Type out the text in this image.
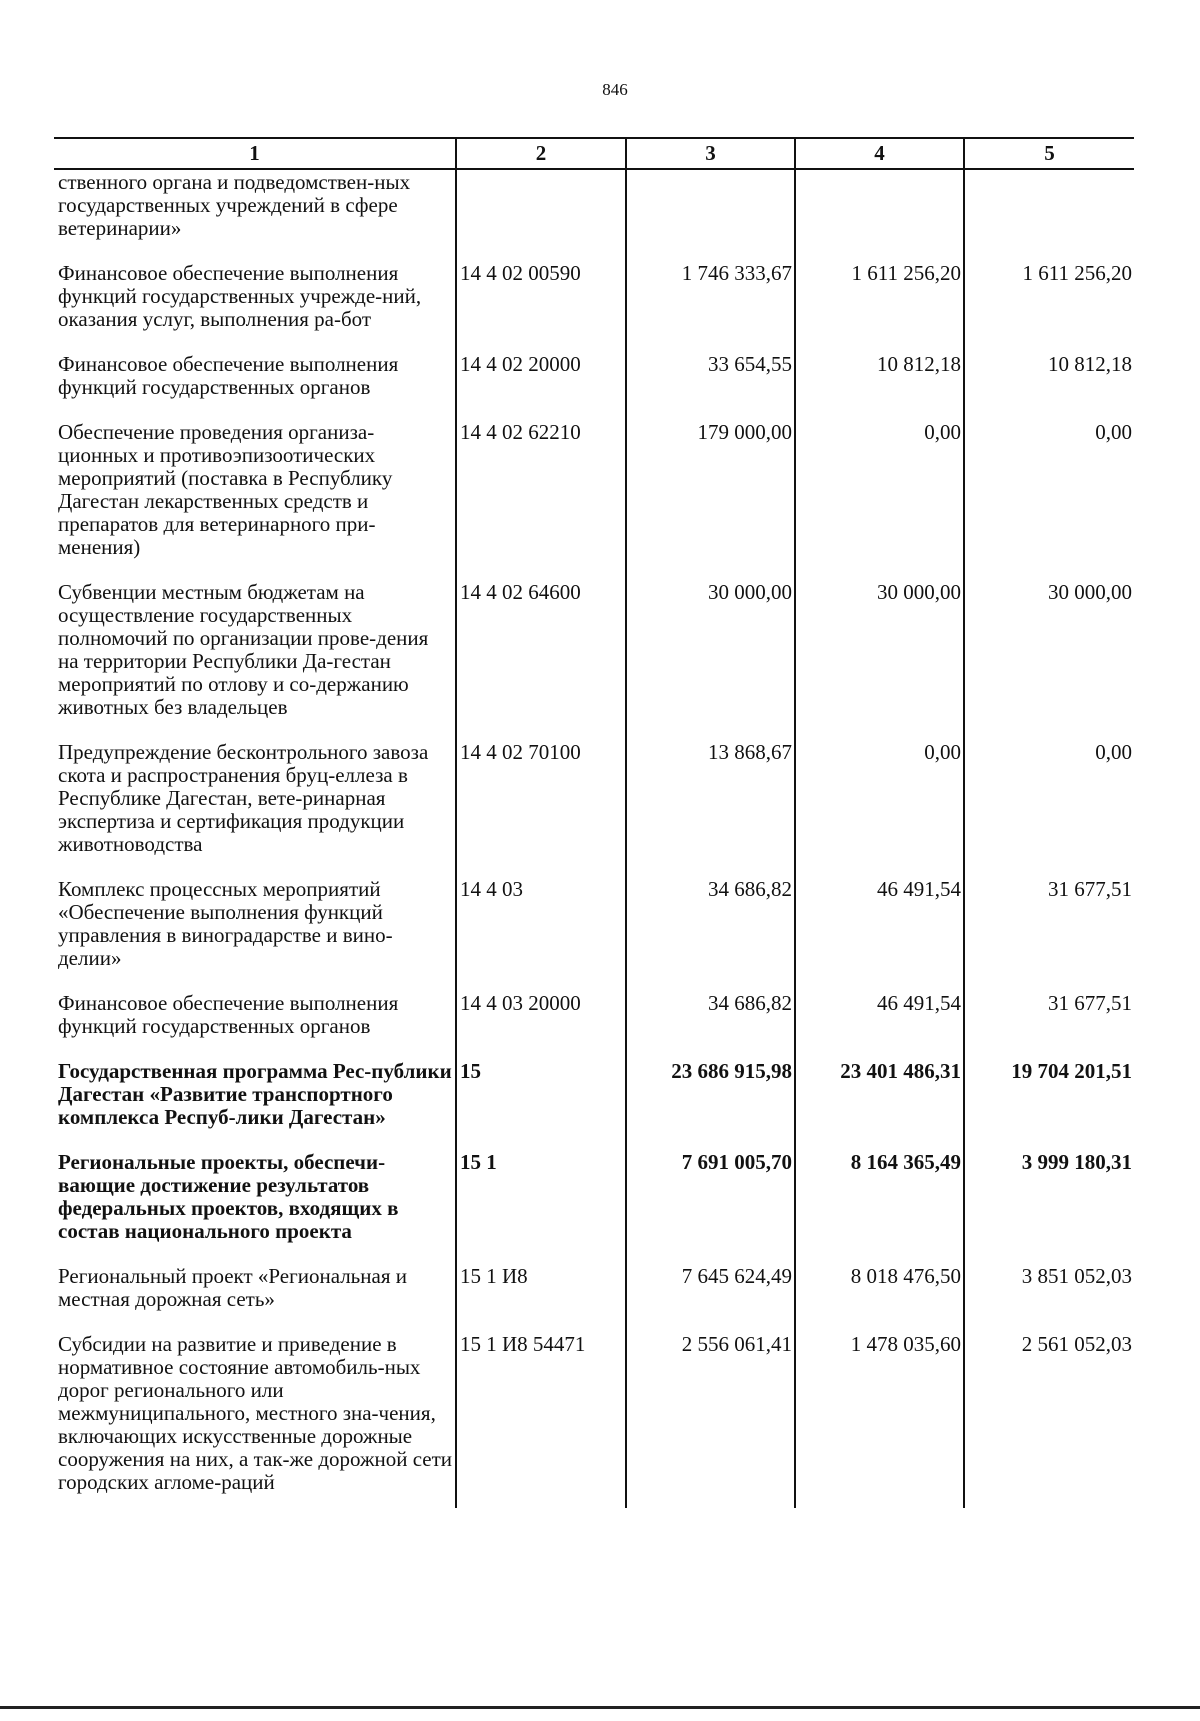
846
1	2	3	4	5
ственного органа и подведомствен-ных государственных учреждений в сфере ветеринарии»				
Финансовое обеспечение выполнения функций государственных учрежде-ний, оказания услуг, выполнения ра-бот	14 4 02 00590	1 746 333,67	1 611 256,20	1 611 256,20
Финансовое обеспечение выполнения функций государственных органов	14 4 02 20000	33 654,55	10 812,18	10 812,18
Обеспечение проведения организа-ционных и противоэпизоотических мероприятий (поставка в Республику Дагестан лекарственных средств и препаратов для ветеринарного при-менения)	14 4 02 62210	179 000,00	0,00	0,00
Субвенции местным бюджетам на осуществление государственных полномочий по организации прове-дения на территории Республики Да-гестан мероприятий по отлову и со-держанию животных без владельцев	14 4 02 64600	30 000,00	30 000,00	30 000,00
Предупреждение бесконтрольного завоза скота и распространения бруц-еллеза в Республике Дагестан, вете-ринарная экспертиза и сертификация продукции животноводства	14 4 02 70100	13 868,67	0,00	0,00
Комплекс процессных мероприятий «Обеспечение выполнения функций управления в виноградарстве и вино-делии»	14 4 03	34 686,82	46 491,54	31 677,51
Финансовое обеспечение выполнения функций государственных органов	14 4 03 20000	34 686,82	46 491,54	31 677,51
Государственная программа Рес-публики Дагестан «Развитие транспортного комплекса Респуб-лики Дагестан»	15	23 686 915,98	23 401 486,31	19 704 201,51
Региональные проекты, обеспечи-вающие достижение результатов федеральных проектов, входящих в состав национального проекта	15 1	7 691 005,70	8 164 365,49	3 999 180,31
Региональный проект «Региональная и местная дорожная сеть»	15 1 И8	7 645 624,49	8 018 476,50	3 851 052,03
Субсидии на развитие и приведение в нормативное состояние автомобиль-ных дорог регионального или межмуниципального, местного зна-чения, включающих искусственные дорожные сооружения на них, а так-же дорожной сети городских агломе-раций	15 1 И8 54471	2 556 061,41	1 478 035,60	2 561 052,03
